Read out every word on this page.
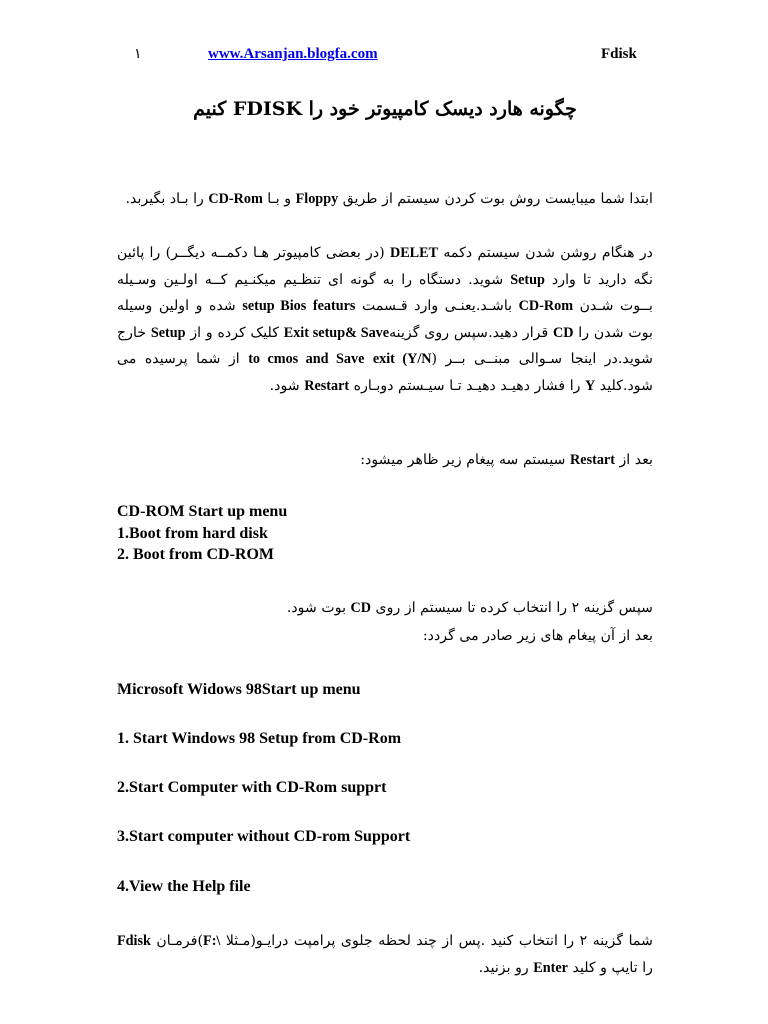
١	www.Arsanjan.blogfa.com	Fdisk
چگونه هارد دیسک کامپیوتر خود را FDISK کنیم
ابتدا شما میبایست روش بوت کردن سیستم از طریق Floppy و بـا CD-Rom را بـاد بگیربد.
در هنگام روشن شدن سیستم دکمه DELET (در بعضی کامپیوتر هـا دکمــه دیگــر) را پائین نگه دارید تا وارد Setup شوید. دستگاه را به گونه ای تنظـیم میکنـیم کــه اولـین وسـیله بــوت شـدن CD-Rom باشـد.یعنـی وارد قـسمت setup Bios featurs شده و اولین وسیله بوت شدن را CD قرار دهید.سپس روی گزینهExit setup& Save کلیک کرده و از Setup خارج شوید.در اینجا سـوالی مبنــی بــر (to cmos and Save exit (Y/N از شما پرسیده می شود.کلید Y را فشار دهیـد دهیـد تـا سیـستم دوبـاره Restart شود.
بعد از Restart سیستم سه پیغام زیر ظاهر میشود:
CD-ROM Start up menu
1.Boot from hard disk
2. Boot from CD-ROM
سپس گزینه ٢ را انتخاب کرده تا سیستم از روی CD بوت شود.
بعد از آن پیغام های زیر صادر می گردد:
Microsoft Widows 98Start up menu
1. Start Windows 98 Setup from CD-Rom
2.Start Computer with CD-Rom supprt
3.Start computer without CD-rom Support
4.View the Help file
شما گزینه ٢ را انتخاب کنید .پس از چند لحظه جلوی پرامپت درایـو(مـثلا F:\)فرمـان Fdisk را تایپ و کلید Enter رو بزنید.
